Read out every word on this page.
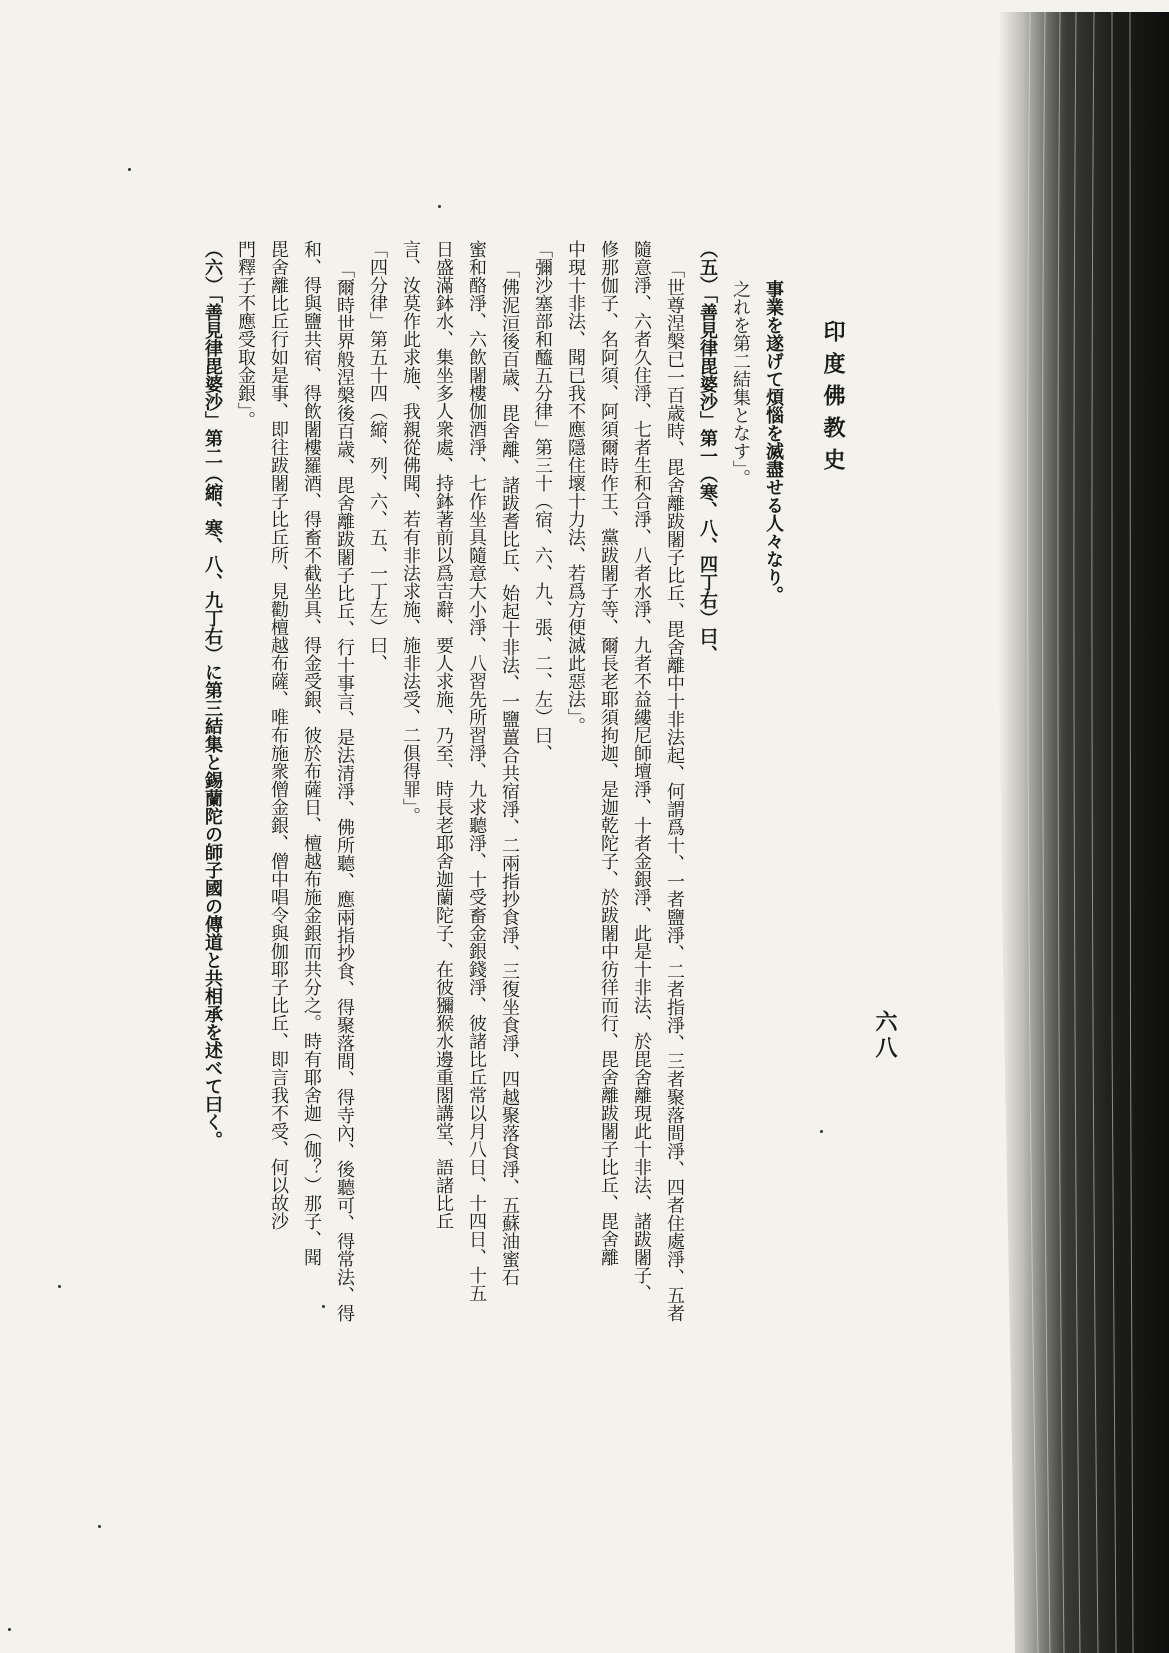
印度佛教史
六八
事業を遂げて煩惱を滅盡せる人々なり。
之れを第二結集となす」。
（五）「善見律毘婆沙」第一（寒、八、四丁右）曰、
「世尊涅槃已一百歳時、毘舍離跋闍子比丘、毘舍離中十非法起、何謂爲十、一者鹽淨、二者指淨、三者聚落間淨、四者住處淨、五者
隨意淨、六者久住淨、七者生和合淨、八者水淨、九者不益縷尼師壇淨、十者金銀淨、此是十非法、於毘舍離現此十非法、諸跋闍子、
修那伽子、名阿須、阿須爾時作王、黨跋闍子等、爾長老耶須拘迦、是迦乾陀子、於跋闍中彷徉而行、毘舍離跋闍子比丘、毘舍離
中現十非法、聞已我不應隱住壞十力法、若爲方便滅此惡法」。
「彌沙塞部和醯五分律」第三十（宿、六、九、張、二、左）曰、
「佛泥洹後百歳、毘舍離、諸跋耆比丘、始起十非法、一鹽薑合共宿淨、二兩指抄食淨、三復坐食淨、四越聚落食淨、五蘇油蜜石
蜜和酪淨、六飲闍樓伽酒淨、七作坐具隨意大小淨、八習先所習淨、九求聽淨、十受畜金銀錢淨、彼諸比丘常以月八日、十四日、十五
日盛滿鉢水、集坐多人衆處、持鉢著前以爲吉辭、要人求施、乃至、時長老耶舍迦蘭陀子、在彼獼猴水邊重閣講堂、語諸比丘
言、汝莫作此求施、我親從佛聞、若有非法求施、施非法受、二俱得罪」。
「四分律」第五十四（縮、列、六、五、一丁左）曰、
「爾時世界般涅槃後百歳、毘舍離跋闍子比丘、行十事言、是法清淨、佛所聽、應兩指抄食、得聚落間、得寺內、後聽可、得常法、得
和、得與鹽共宿、得飲闍樓羅酒、得畜不截坐具、得金受銀、彼於布薩日、檀越布施金銀而共分之。時有耶舍迦（伽？）那子、聞
毘舍離比丘行如是事、即往跋闍子比丘所、見勸檀越布薩、唯布施衆僧金銀、僧中唱令與伽耶子比丘、即言我不受、何以故沙
門釋子不應受取金銀」。
（六）「善見律毘婆沙」第二（縮、寒、八、九丁右）に第三結集と錫蘭陀の師子國の傳道と共相承を述べて曰く。
